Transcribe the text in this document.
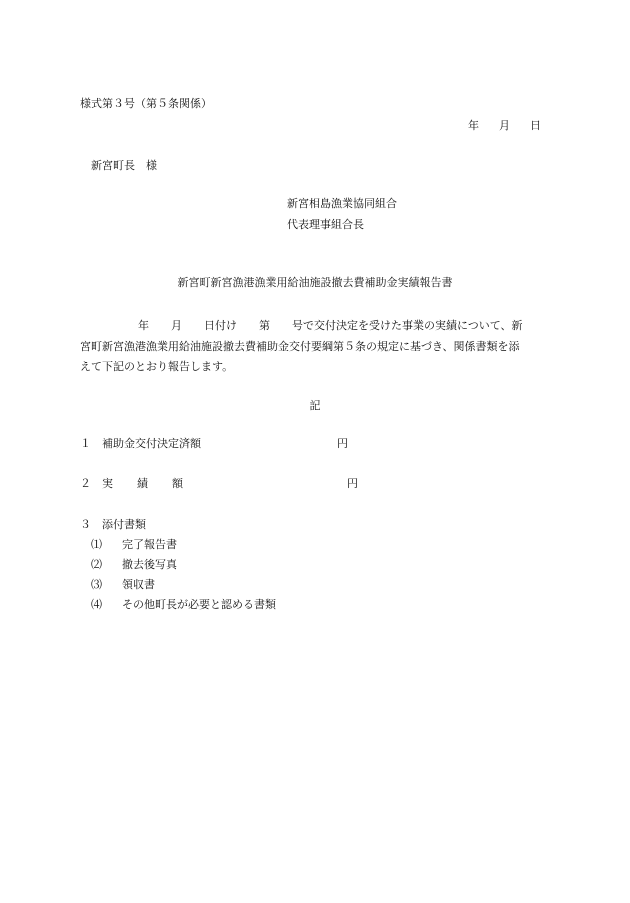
様式第３号（第５条関係）
年 月 日
新宮町長　様
新宮相島漁業協同組合
代表理事組合長
新宮町新宮漁港漁業用給油施設撤去費補助金実績報告書
年　　月　　日付け　　第　　号で交付決定を受けた事業の実績について、新
宮町新宮漁港漁業用給油施設撤去費補助金交付要綱第５条の規定に基づき、関係書類を添
えて下記のとおり報告します。
記
１ 補助金交付決定済額	円
２ 実 績 額	円
３ 添付書類
⑴ 完了報告書
⑵ 撤去後写真
⑶ 領収書
⑷ その他町長が必要と認める書類
